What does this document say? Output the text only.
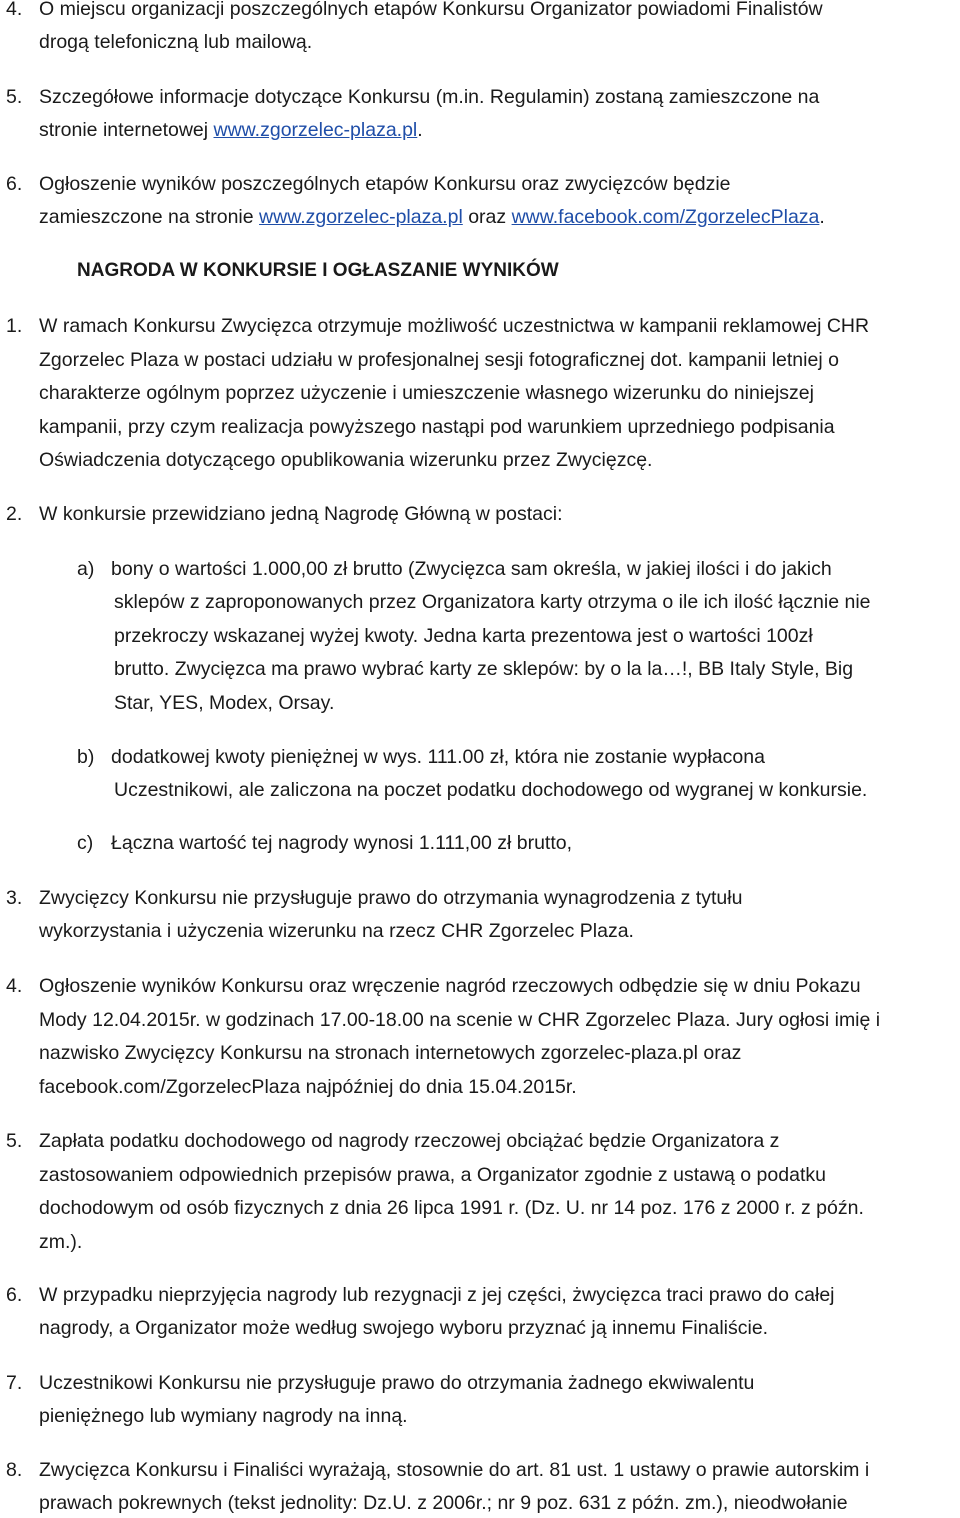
4. O miejscu organizacji poszczególnych etapów Konkursu Organizator powiadomi Finalistów
drogą telefoniczną lub mailową.
5. Szczegółowe informacje dotyczące Konkursu (m.in. Regulamin) zostaną zamieszczone na
stronie internetowej www.zgorzelec-plaza.pl.
6. Ogłoszenie wyników poszczególnych etapów Konkursu oraz zwycięzców będzie
zamieszczone na stronie www.zgorzelec-plaza.pl oraz www.facebook.com/ZgorzelecPlaza.
NAGRODA W KONKURSIE I OGŁASZANIE WYNIKÓW
1. W ramach Konkursu Zwycięzca otrzymuje możliwość uczestnictwa w kampanii reklamowej CHR
Zgorzelec Plaza w postaci udziału w profesjonalnej sesji fotograficznej dot. kampanii letniej o
charakterze ogólnym poprzez użyczenie i umieszczenie własnego wizerunku do niniejszej
kampanii, przy czym realizacja powyższego nastąpi pod warunkiem uprzedniego podpisania
Oświadczenia dotyczącego opublikowania wizerunku przez Zwycięzcę.
2. W konkursie przewidziano jedną Nagrodę Główną w postaci:
a) bony o wartości 1.000,00 zł brutto (Zwycięzca sam określa, w jakiej ilości i do jakich
sklepów z zaproponowanych przez Organizatora karty otrzyma o ile ich ilość łącznie nie
przekroczy wskazanej wyżej kwoty. Jedna karta prezentowa jest o wartości 100zł
brutto. Zwycięzca ma prawo wybrać karty ze sklepów: by o la la…!, BB Italy Style, Big
Star, YES, Modex, Orsay.
b) dodatkowej kwoty pieniężnej w wys. 111.00 zł, która nie zostanie wypłacona
Uczestnikowi, ale zaliczona na poczet podatku dochodowego od wygranej w konkursie.
c) Łączna wartość tej nagrody wynosi 1.111,00 zł brutto,
3. Zwycięzcy Konkursu nie przysługuje prawo do otrzymania wynagrodzenia z tytułu
wykorzystania i użyczenia wizerunku na rzecz CHR Zgorzelec Plaza.
4. Ogłoszenie wyników Konkursu oraz wręczenie nagród rzeczowych odbędzie się w dniu Pokazu
Mody 12.04.2015r. w godzinach 17.00-18.00 na scenie w CHR Zgorzelec Plaza. Jury ogłosi imię i
nazwisko Zwycięzcy Konkursu na stronach internetowych zgorzelec-plaza.pl oraz
facebook.com/ZgorzelecPlaza najpóźniej do dnia 15.04.2015r.
5. Zapłata podatku dochodowego od nagrody rzeczowej obciążać będzie Organizatora z
zastosowaniem odpowiednich przepisów prawa, a Organizator zgodnie z ustawą o podatku
dochodowym od osób fizycznych z dnia 26 lipca 1991 r. (Dz. U. nr 14 poz. 176 z 2000 r. z późn.
zm.).
6. W przypadku nieprzyjęcia nagrody lub rezygnacji z jej części, żwycięzca traci prawo do całej
nagrody, a Organizator może według swojego wyboru przyznać ją innemu Finaliście.
7. Uczestnikowi Konkursu nie przysługuje prawo do otrzymania żadnego ekwiwalentu
pieniężnego lub wymiany nagrody na inną.
8. Zwycięzca Konkursu i Finaliści wyrażają, stosownie do art. 81 ust. 1 ustawy o prawie autorskim i
prawach pokrewnych (tekst jednolity: Dz.U. z 2006r.; nr 9 poz. 631 z późn. zm.), nieodwołanie
